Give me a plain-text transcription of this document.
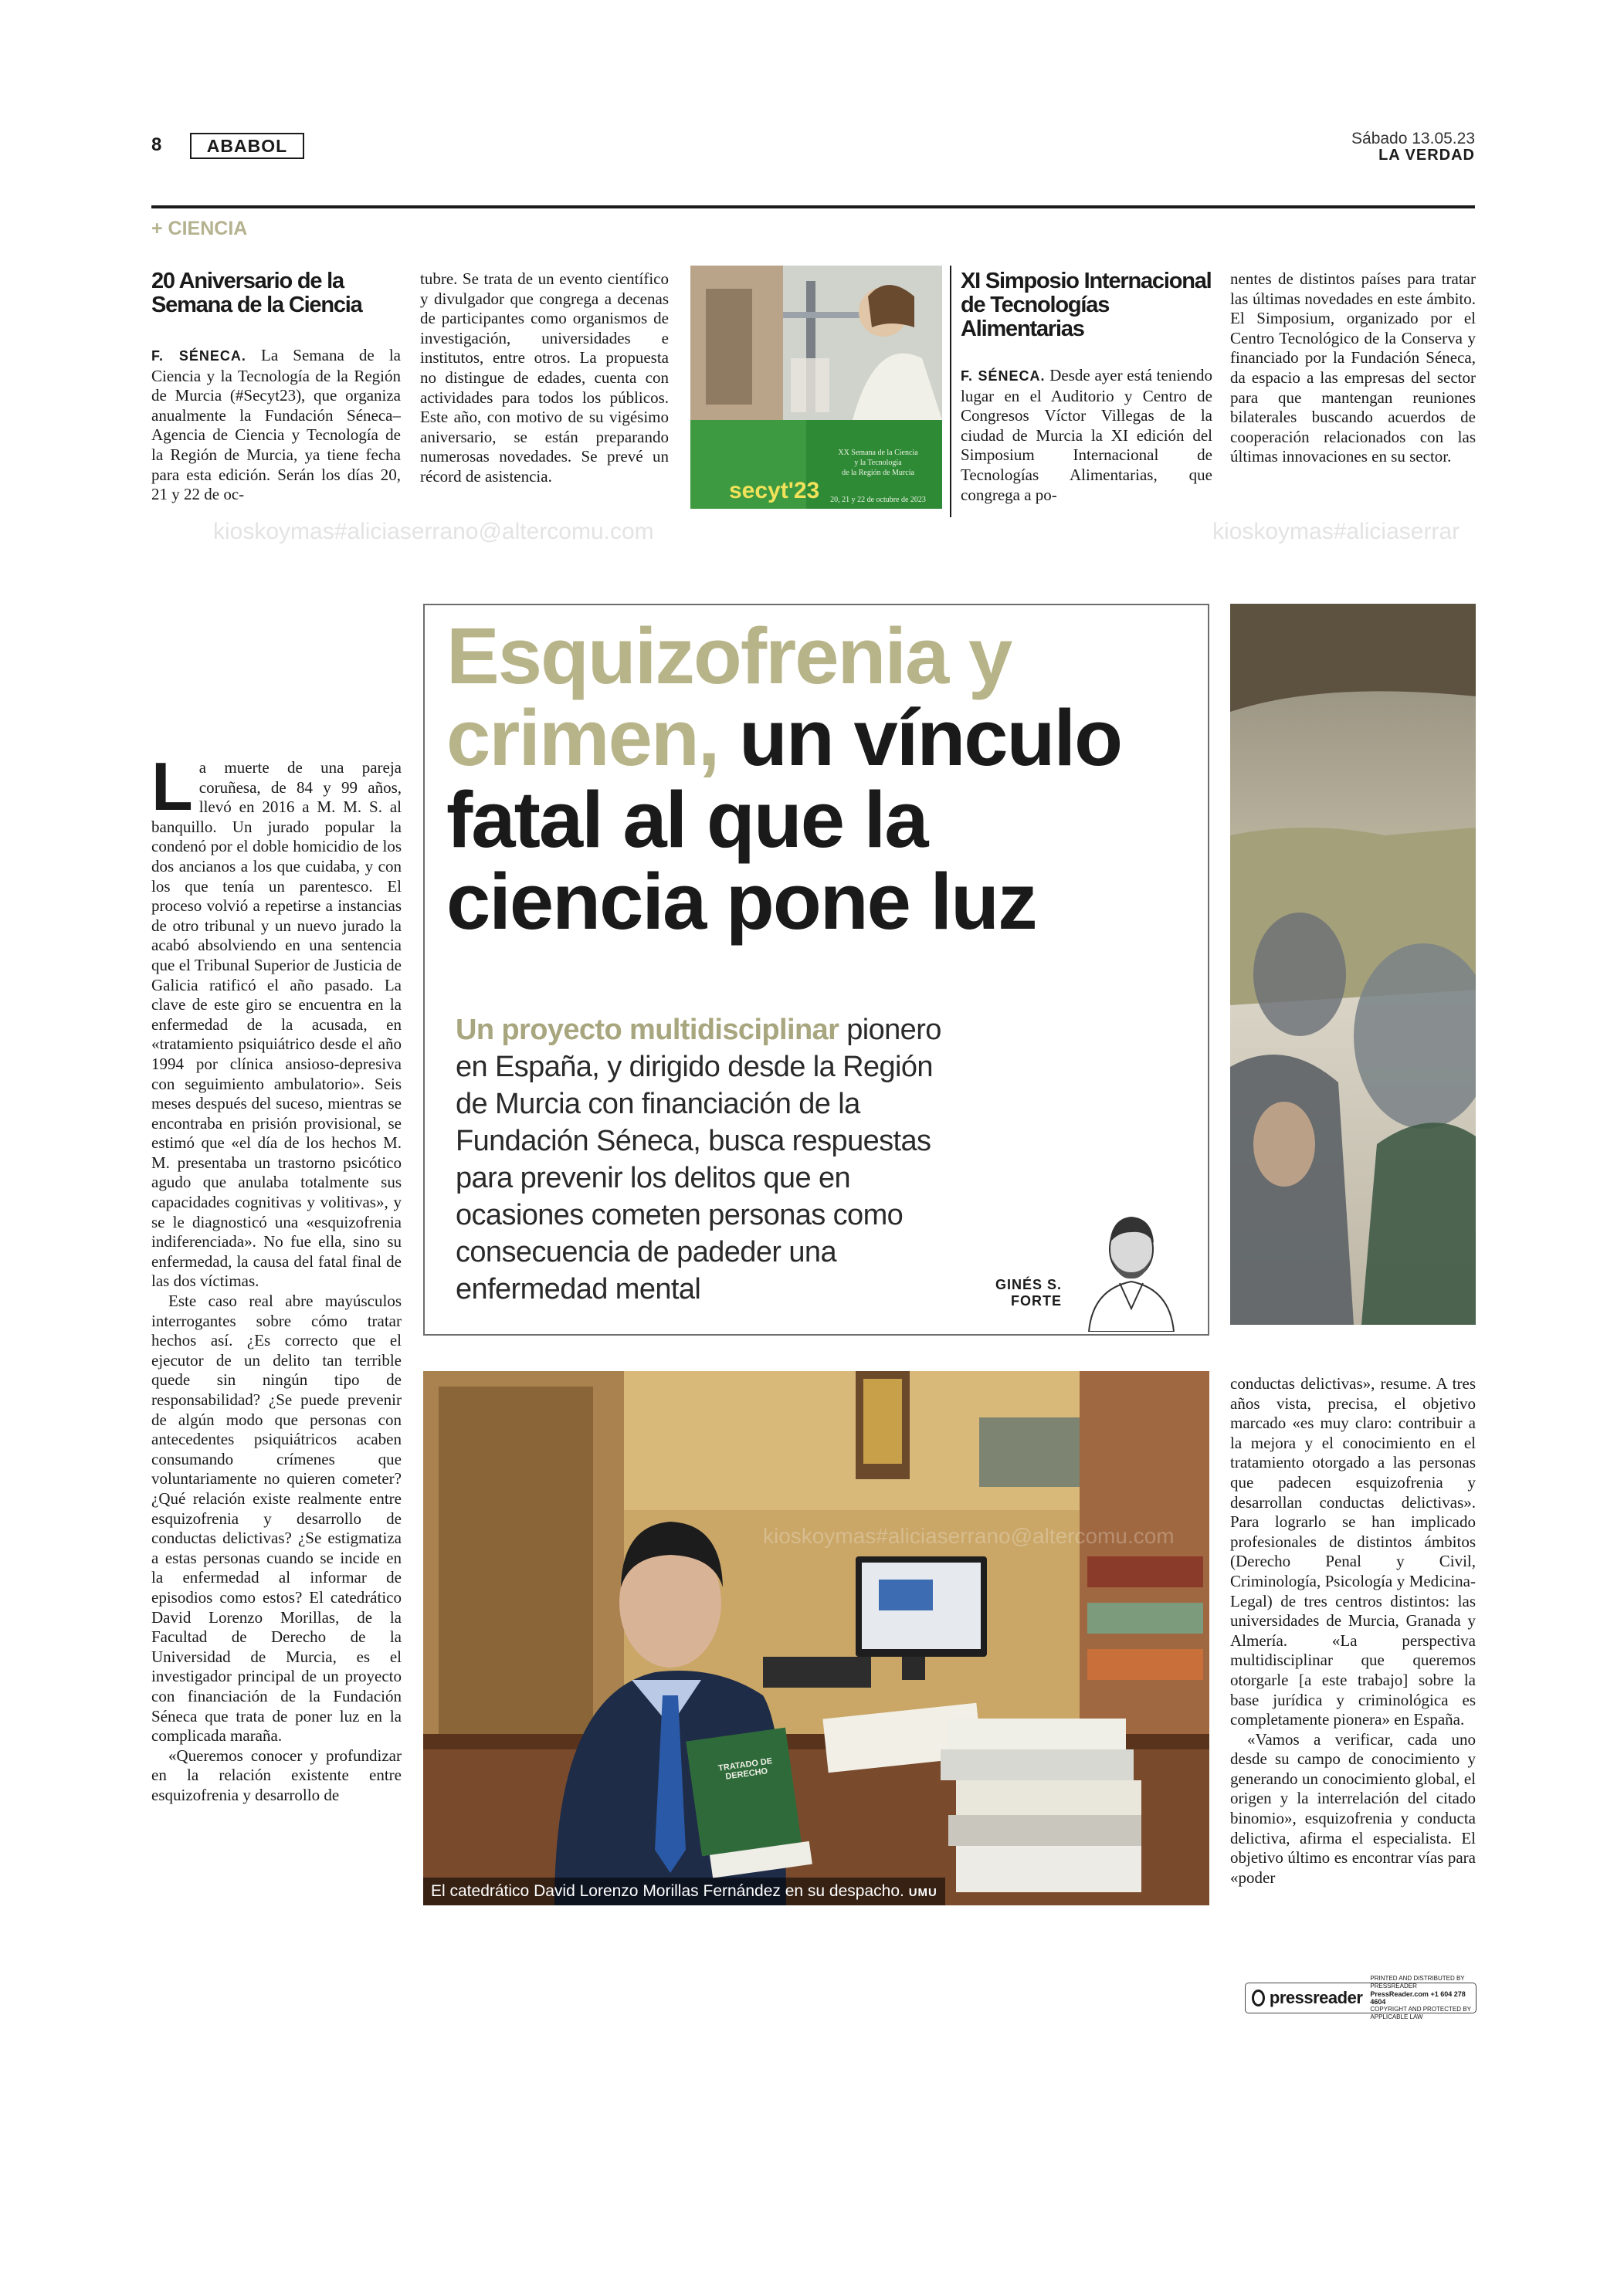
8	ABABOL	Sábado 13.05.23
LA VERDAD
+ CIENCIA
20 Aniversario de la Semana de la Ciencia

F. SÉNECA. La Semana de la Ciencia y la Tecnología de la Región de Murcia (#Secyt23), que organiza anualmente la Fundación Séneca–Agencia de Ciencia y Tecnología de la Región de Murcia, ya tiene fecha para esta edición. Serán los días 20, 21 y 22 de oc-

tubre. Se trata de un evento científico y divulgador que congrega a decenas de participantes como organismos de investigación, universidades e institutos, entre otros. La propuesta no distingue de edades, cuenta con actividades para todos los públicos. Este año, con motivo de su vigésimo aniversario, se están preparando numerosas novedades. Se prevé un récord de asistencia.

secyt'23
XX Semana de la Ciencia
y la Tecnología
de la Región de Murcia
20, 21 y 22 de octubre de 2023
XI Simposio Internacional de Tecnologías Alimentarias

F. SÉNECA. Desde ayer está teniendo lugar en el Auditorio y Centro de Congresos Víctor Villegas de la ciudad de Murcia la XI edición del Simposium Internacional de Tecnologías Alimentarias, que congrega a po-

nentes de distintos países para tratar las últimas novedades en este ámbito. El Simposium, organizado por el Centro Tecnológico de la Conserva y financiado por la Fundación Séneca, da espacio a las empresas del sector para que mantengan reuniones bilaterales buscando acuerdos de cooperación relacionados con las últimas innovaciones en su sector.

kioskoymas#aliciaserrano@altercomu.com	kioskoymas#aliciaserrar
Esquizofrenia y
crimen, un vínculo
fatal al que la
ciencia pone luz
Un proyecto multidisciplinar pionero en España, y dirigido desde la Región de Murcia con financiación de la Fundación Séneca, busca respuestas para prevenir los delitos que en ocasiones cometen personas como consecuencia de padeder una enfermedad mental	GINÉS S.
FORTE

La muerte de una pareja coruñesa, de 84 y 99 años, llevó en 2016 a M. M. S. al banquillo. Un jurado popular la condenó por el doble homicidio de los dos ancianos a los que cuidaba, y con los que tenía un parentesco. El proceso volvió a repetirse a instancias de otro tribunal y un nuevo jurado la acabó absolviendo en una sentencia que el Tribunal Superior de Justicia de Galicia ratificó el año pasado. La clave de este giro se encuentra en la enfermedad de la acusada, en «tratamiento psiquiátrico desde el año 1994 por clínica ansioso-depresiva con seguimiento ambulatorio». Seis meses después del suceso, mientras se encontraba en prisión provisional, se estimó que «el día de los hechos M. M. presentaba un trastorno psicótico agudo que anulaba totalmente sus capacidades cognitivas y volitivas», y se le diagnosticó una «esquizofrenia indiferenciada». No fue ella, sino su enfermedad, la causa del fatal final de las dos víctimas.

Este caso real abre mayúsculos interrogantes sobre cómo tratar hechos así. ¿Es correcto que el ejecutor de un delito tan terrible quede sin ningún tipo de responsabilidad? ¿Se puede prevenir de algún modo que personas con antecedentes psiquiátricos acaben consumando crímenes que voluntariamente no quieren cometer? ¿Qué relación existe realmente entre esquizofrenia y desarrollo de conductas delictivas? ¿Se estigmatiza a estas personas cuando se incide en la enfermedad al informar de episodios como estos? El catedrático David Lorenzo Morillas, de la Facultad de Derecho de la Universidad de Murcia, es el investigador principal de un proyecto con financiación de la Fundación Séneca que trata de poner luz en la complicada maraña.

«Queremos conocer y profundizar en la relación existente entre esquizofrenia y desarrollo de

TRATADO DE DERECHO
kioskoymas#aliciaserrano@altercomu.com
El catedrático David Lorenzo Morillas Fernández en su despacho. UMU

conductas delictivas», resume. A tres años vista, precisa, el objetivo marcado «es muy claro: contribuir a la mejora y el conocimiento en el tratamiento otorgado a las personas que padecen esquizofrenia y desarrollan conductas delictivas». Para lograrlo se han implicado profesionales de distintos ámbitos (Derecho Penal y Civil, Criminología, Psicología y Medicina-Legal) de tres centros distintos: las universidades de Murcia, Granada y Almería. «La perspectiva multidisciplinar que queremos otorgarle [a este trabajo] sobre la base jurídica y criminológica es completamente pionera» en España.

«Vamos a verificar, cada uno desde su campo de conocimiento y generando un conocimiento global, el origen y la interrelación del citado binomio», esquizofrenia y conducta delictiva, afirma el especialista. El objetivo último es encontrar vías para «poder

pressreader
PRINTED AND DISTRIBUTED BY PRESSREADER
PressReader.com +1 604 278 4604
COPYRIGHT AND PROTECTED BY APPLICABLE LAW
